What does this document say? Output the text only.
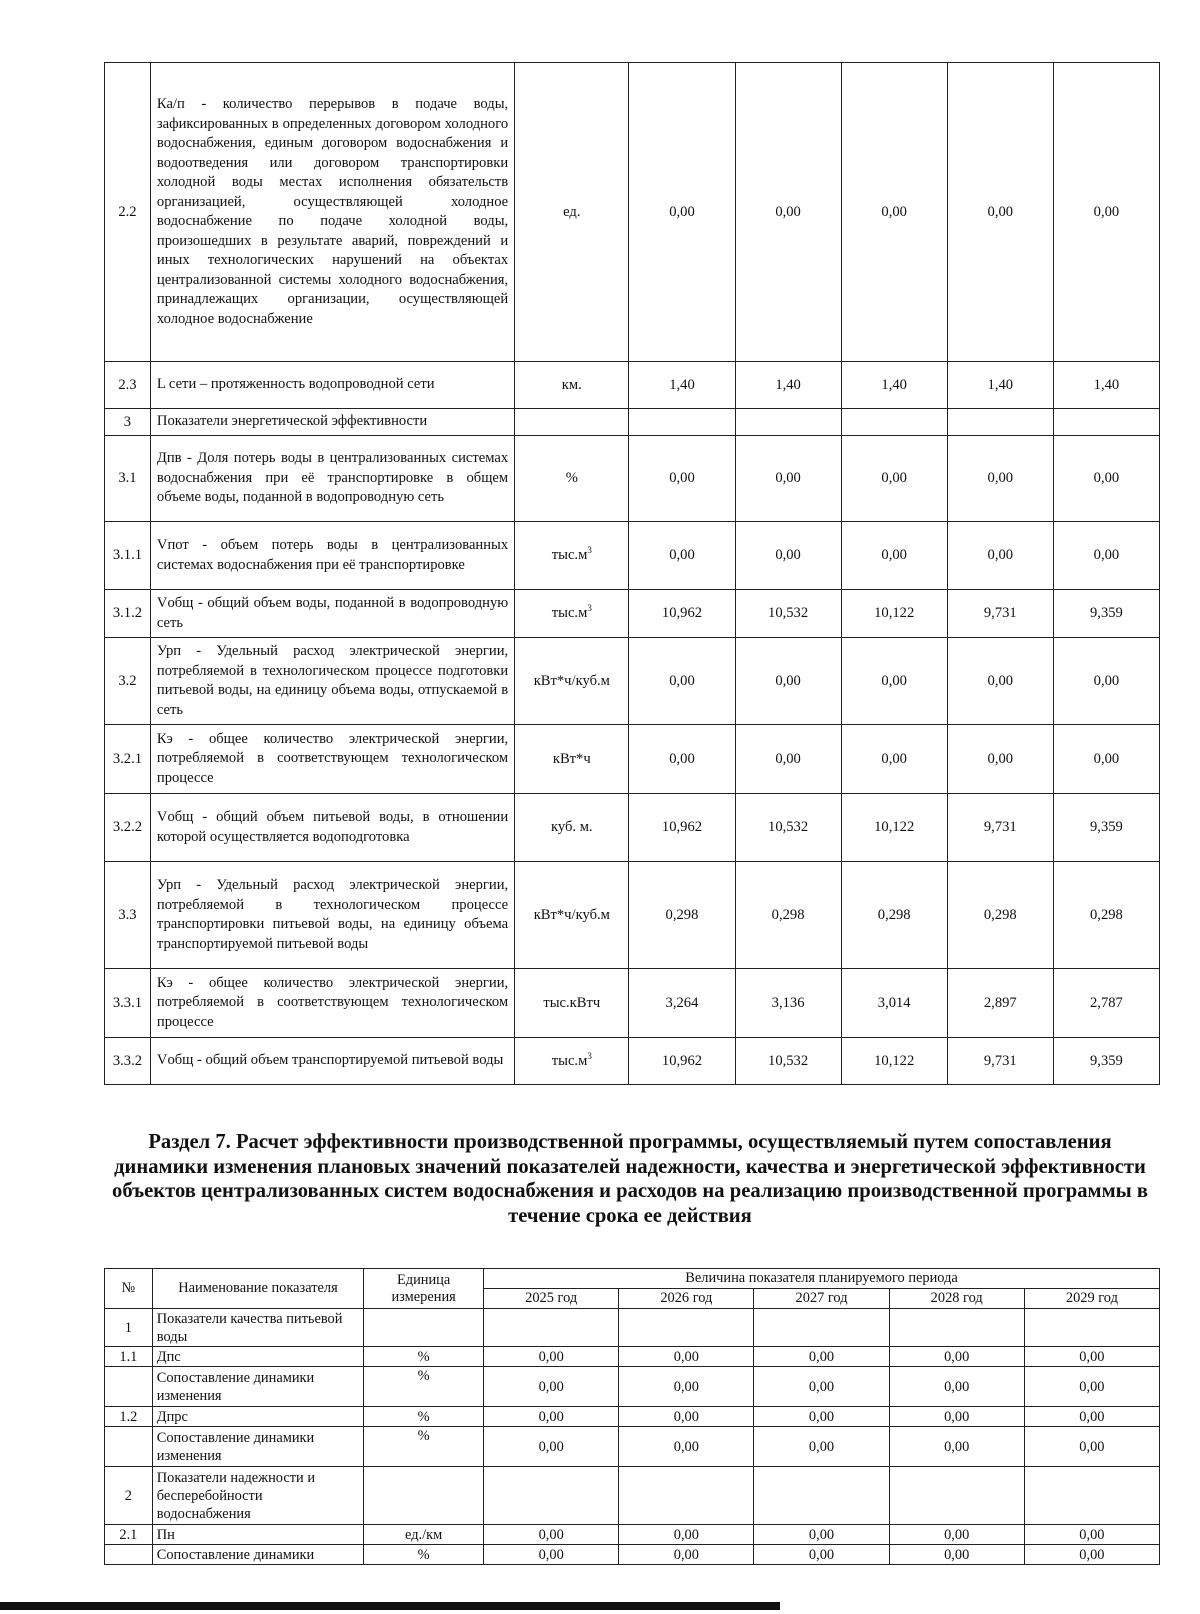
2.2	Ка/п - количество перерывов в подаче воды, зафиксированных в определенных договором холодного водоснабжения, единым договором водоснабжения и водоотведения или договором транспортировки холодной воды местах исполнения обязательств организацией, осуществляющей холодное водоснабжение по подаче холодной воды, произошедших в результате аварий, повреждений и иных технологических нарушений на объектах централизованной системы холодного водоснабжения, принадлежащих организации, осуществляющей холодное водоснабжение	ед.	0,00	0,00	0,00	0,00	0,00
2.3	L сети – протяженность водопроводной сети	км.	1,40	1,40	1,40	1,40	1,40
3	Показатели энергетической эффективности						
3.1	Дпв - Доля потерь воды в централизованных системах водоснабжения при её транспортировке в общем объеме воды, поданной в водопроводную сеть	%	0,00	0,00	0,00	0,00	0,00
3.1.1	Vпот - объем потерь воды в централизованных системах водоснабжения при её транспортировке	$тыс.м^3$	0,00	0,00	0,00	0,00	0,00
3.1.2	Vобщ - общий объем воды, поданной в водопроводную сеть	$тыс.м^3$	10,962	10,532	10,122	9,731	9,359
3.2	Урп - Удельный расход электрической энергии, потребляемой в технологическом процессе подготовки питьевой воды, на единицу объема воды, отпускаемой в сеть	кВт*ч/куб.м	0,00	0,00	0,00	0,00	0,00
3.2.1	Кэ - общее количество электрической энергии, потребляемой в соответствующем технологическом процессе	кВт*ч	0,00	0,00	0,00	0,00	0,00
3.2.2	Vобщ - общий объем питьевой воды, в отношении которой осуществляется водоподготовка	куб. м.	10,962	10,532	10,122	9,731	9,359
3.3	Урп - Удельный расход электрической энергии, потребляемой в технологическом процессе транспортировки питьевой воды, на единицу объема транспортируемой питьевой воды	кВт*ч/куб.м	0,298	0,298	0,298	0,298	0,298
3.3.1	Кэ - общее количество электрической энергии, потребляемой в соответствующем технологическом процессе	тыс.кВтч	3,264	3,136	3,014	2,897	2,787
3.3.2	Vобщ - общий объем транспортируемой питьевой воды	$тыс.м^3$	10,962	10,532	10,122	9,731	9,359
Раздел 7. Расчет эффективности производственной программы, осуществляемый путем сопоставления динамики изменения плановых значений показателей надежности, качества и энергетической эффективности объектов централизованных систем водоснабжения и расходов на реализацию производственной программы в течение срока ее действия
№	Наименование показателя	Единица измерения	Величина показателя планируемого периода				
			2025 год	2026 год	2027 год	2028 год	2029 год
1	Показатели качества питьевой воды						
1.1	Дпс	%	0,00	0,00	0,00	0,00	0,00
	Сопоставление динамики изменения	%	0,00	0,00	0,00	0,00	0,00
1.2	Дпрс	%	0,00	0,00	0,00	0,00	0,00
	Сопоставление динамики изменения	%	0,00	0,00	0,00	0,00	0,00
2	Показатели надежности и бесперебойности водоснабжения						
2.1	Пн	ед./км	0,00	0,00	0,00	0,00	0,00
	Сопоставление динамики	%	0,00	0,00	0,00	0,00	0,00
